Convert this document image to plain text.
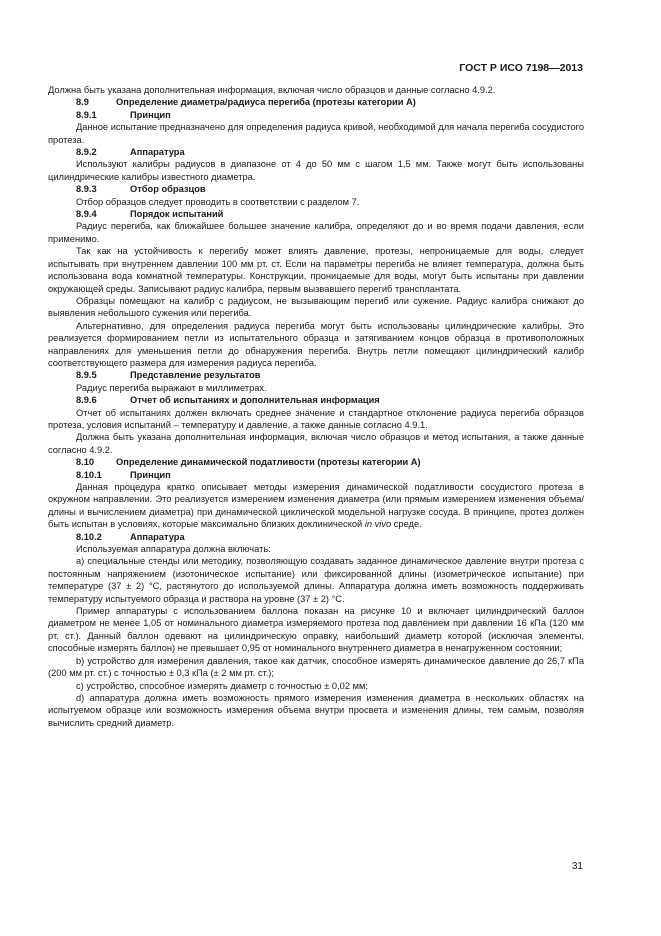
ГОСТ Р ИСО 7198—2013

Должна быть указана дополнительная информация, включая число образцов и данные согласно 4.9.2.

8.9	Определение диаметра/радиуса перегиба (протезы категории А)
8.9.1	Принцип

Данное испытание предназначено для определения радиуса кривой, необходимой для начала перегиба сосудистого протеза.

8.9.2	Аппаратура

Используют калибры радиусов в диапазоне от 4 до 50 мм с шагом 1,5 мм. Также могут быть использованы цилиндрические калибры известного диаметра.

8.9.3	Отбор образцов

Отбор образцов следует проводить в соответствии с разделом 7.

8.9.4	Порядок испытаний

Радиус перегиба, как ближайшее большее значение калибра, определяют до и во время подачи давления, если применимо.

Так как на устойчивость к перегибу может влиять давление, протезы, непроницаемые для воды, следует испытывать при внутреннем давлении 100 мм рт. ст. Если на параметры перегиба не влияет температура, должна быть использована вода комнатной температуры. Конструкции, проницаемые для воды, могут быть испытаны при давлении окружающей среды. Записывают радиус калибра, первым вызвавшего перегиб трансплантата.

Образцы помещают на калибр с радиусом, не вызывающим перегиб или сужение. Радиус калибра снижают до выявления небольшого сужения или перегиба.

Альтернативно, для определения радиуса перегиба могут быть использованы цилиндрические калибры. Это реализуется формированием петли из испытательного образца и затягиванием концов образца в противоположных направлениях для уменьшения петли до обнаружения перегиба. Внутрь петли помещают цилиндрический калибр соответствующего размера для измерения радиуса перегиба.

8.9.5	Представление результатов

Радиус перегиба выражают в миллиметрах.

8.9.6	Отчет об испытаниях и дополнительная информация

Отчет об испытаниях должен включать среднее значение и стандартное отклонение радиуса перегиба образцов протеза, условия испытаний – температуру и давление, а также данные согласно 4.9.1.

Должна быть указана дополнительная информация, включая число образцов и метод испытания, а также данные согласно 4.9.2.

8.10 Определение динамической податливости (протезы категории А)
8.10.1	Принцип

Данная процедура кратко описывает методы измерения динамической податливости сосудистого протеза в окружном направлении. Это реализуется измерением изменения диаметра (или прямым измерением изменения объема/длины и вычислением диаметра) при динамической циклической модельной нагрузке сосуда. В принципе, протез должен быть испытан в условиях, которые максимально близких доклинической in vivo среде.

8.10.2	Аппаратура

Используемая аппаратура должна включать:

a) специальные стенды или методику, позволяющую создавать заданное динамическое давление внутри протеза с постоянным напряжением (изотоническое испытание) или фиксированной длины (изометрическое испытание) при температуре (37 ± 2) °С, растянутого до используемой длины. Аппаратура должна иметь возможность поддерживать температуру испытуемого образца и раствора на уровне (37 ± 2) °С.

Пример аппаратуры с использованием баллона показан на рисунке 10 и включает цилиндрический баллон диаметром не менее 1,05 от номинального диаметра измеряемого протеза под давлением при давлении 16 кПа (120 мм рт. ст.). Данный баллон одевают на цилиндрическую оправку, наибольший диаметр которой (исключая элементы, способные измерять баллон) не превышает 0,95 от номинального внутреннего диаметра в ненагруженном состоянии;

b) устройство для измерения давления, такое как датчик, способное измерять динамическое давление до 26,7 кПа (200 мм рт. ст.) с точностью ± 0,3 кПа (± 2 мм рт. ст.);

c) устройство, способное измерять диаметр с точностью ± 0,02 мм;

d) аппаратура должна иметь возможность прямого измерения изменения диаметра в нескольких областях на испытуемом образце или возможность измерения объема внутри просвета и изменения длины, тем самым, позволяя вычислить средний диаметр.

31
